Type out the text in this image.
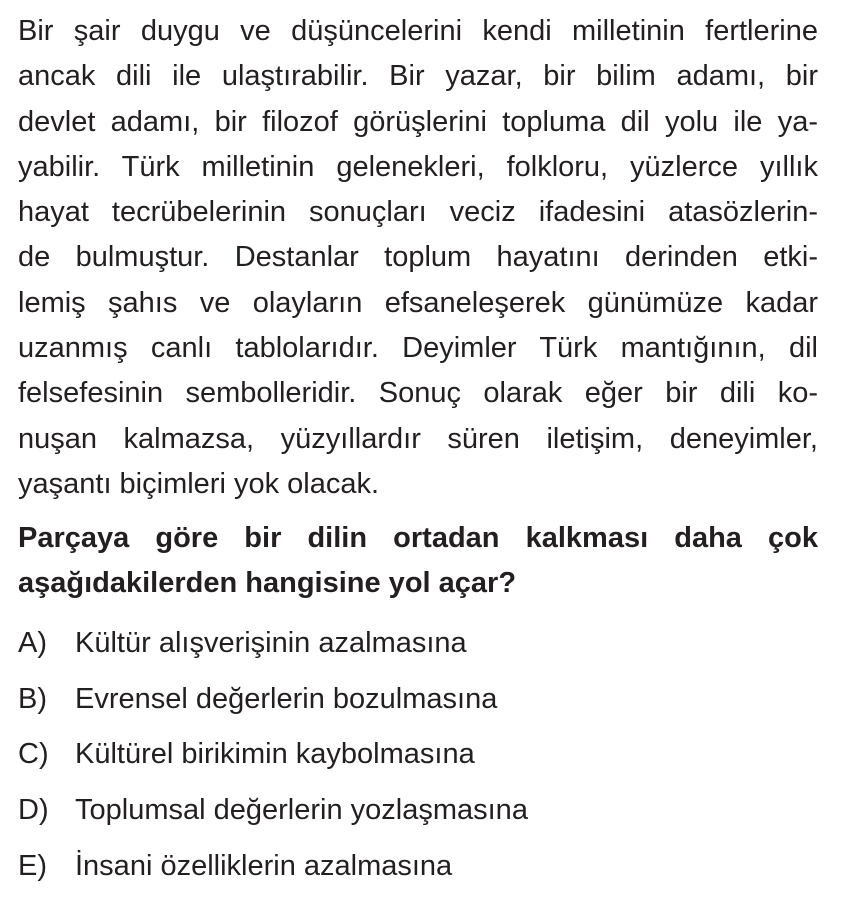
Bir şair duygu ve düşüncelerini kendi milletinin fertlerine
ancak dili ile ulaştırabilir. Bir yazar, bir bilim adamı, bir
devlet adamı, bir filozof görüşlerini topluma dil yolu ile ya-
yabilir. Türk milletinin gelenekleri, folkloru, yüzlerce yıllık
hayat tecrübelerinin sonuçları veciz ifadesini atasözlerin-
de bulmuştur. Destanlar toplum hayatını derinden etki-
lemiş şahıs ve olayların efsaneleşerek günümüze kadar
uzanmış canlı tablolarıdır. Deyimler Türk mantığının, dil
felsefesinin sembolleridir. Sonuç olarak eğer bir dili ko-
nuşan kalmazsa, yüzyıllardır süren iletişim, deneyimler,
yaşantı biçimleri yok olacak.
Parçaya göre bir dilin ortadan kalkması daha çok
aşağıdakilerden hangisine yol açar?
A) Kültür alışverişinin azalmasına
B) Evrensel değerlerin bozulmasına
C) Kültürel birikimin kaybolmasına
D) Toplumsal değerlerin yozlaşmasına
E) İnsani özelliklerin azalmasına
